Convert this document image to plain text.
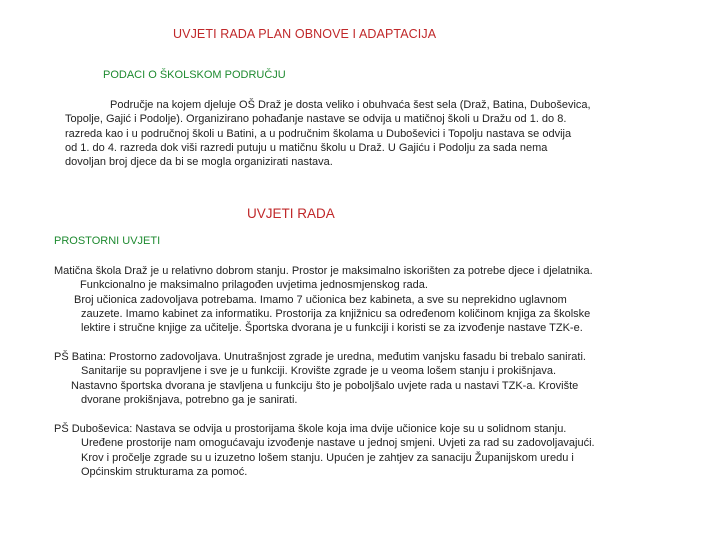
UVJETI RADA PLAN OBNOVE I ADAPTACIJA
PODACI O ŠKOLSKOM PODRUČJU
Područje na kojem djeluje OŠ Draž je dosta veliko i obuhvaća šest sela (Draž, Batina, Duboševica,
Topolje, Gajić i Podolje). Organizirano pohađanje nastave se odvija u matičnoj školi u Dražu od 1. do 8.
razreda kao i u područnoj školi u Batini, a u područnim školama u Duboševici i Topolju nastava se odvija
od 1. do 4. razreda dok viši razredi putuju u matičnu školu u Draž. U Gajiću i Podolju za sada nema
dovoljan broj djece da bi se mogla organizirati nastava.
UVJETI RADA
PROSTORNI UVJETI
Matična škola Draž je u relativno dobrom stanju. Prostor je maksimalno iskorišten za potrebe djece i djelatnika.
Funkcionalno je maksimalno prilagođen uvjetima jednosmjenskog rada.
Broj učionica zadovoljava potrebama. Imamo 7 učionica bez kabineta, a sve su neprekidno uglavnom
zauzete. Imamo kabinet za informatiku. Prostorija za knjižnicu sa određenom količinom knjiga za školske
lektire i stručne knjige za učitelje. Športska dvorana je u funkciji i koristi se za izvođenje nastave TZK-e.
PŠ Batina: Prostorno zadovoljava. Unutrašnjost zgrade je uredna, međutim vanjsku fasadu bi trebalo sanirati.
Sanitarije su popravljene i sve je u funkciji. Krovište zgrade je u veoma lošem stanju i prokišnjava.
Nastavno športska dvorana je stavljena u funkciju što je poboljšalo uvjete rada u nastavi TZK-a. Krovište
dvorane prokišnjava, potrebno ga je sanirati.
PŠ Duboševica: Nastava se odvija u prostorijama škole koja ima dvije učionice koje su u solidnom stanju.
Uređene prostorije nam omogućavaju izvođenje nastave u jednoj smjeni. Uvjeti za rad su zadovoljavajući.
Krov i pročelje zgrade su u izuzetno lošem stanju. Upućen je zahtjev za sanaciju Županijskom uredu i
Općinskim strukturama za pomoć.
